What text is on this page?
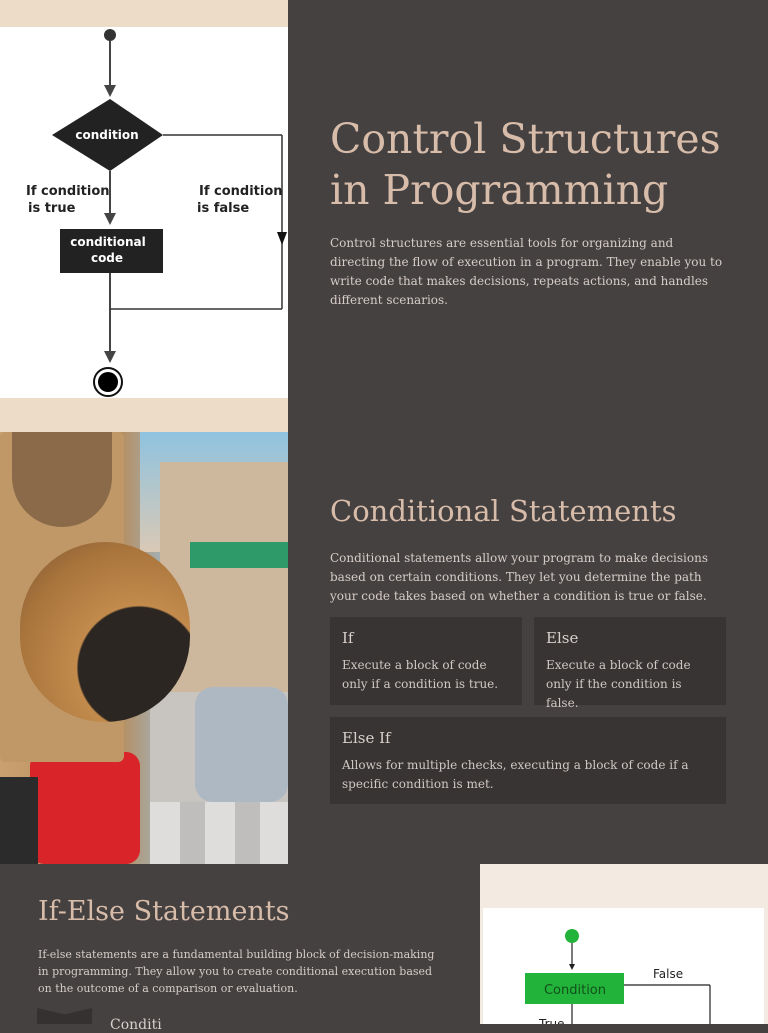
condition
If condition
is true
If condition
is false
conditional
code
Control Structures
in Programming

Control structures are essential tools for organizing and directing the flow of execution in a program. They enable you to write code that makes decisions, repeats actions, and handles different scenarios.

Conditional Statements

Conditional statements allow your program to make decisions based on certain conditions. They let you determine the path your code takes based on whether a condition is true or false.

If

Execute a block of code only if a condition is true.

Else

Execute a block of code only if the condition is false.

Else If

Allows for multiple checks, executing a block of code if a specific condition is met.

If-Else Statements

If-else statements are a fundamental building block of decision-making in programming. They allow you to create conditional execution based on the outcome of a comparison or evaluation.

Conditi
Condition
False
True
